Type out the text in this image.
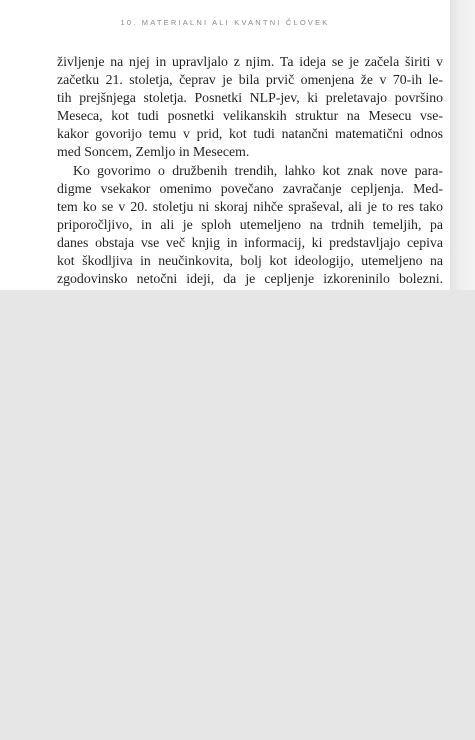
10. MATERIALNI ALI KVANTNI ČLOVEK

življenje na njej in upravljalo z njim. Ta ideja se je začela širiti v
začetku 21. stoletja, čeprav je bila prvič omenjena že v 70-ih le-
tih prejšnjega stoletja. Posnetki NLP-jev, ki preletavajo površino
Meseca, kot tudi posnetki velikanskih struktur na Mesecu vse-
kakor govorijo temu v prid, kot tudi natančni matematični odnos
med Soncem, Zemljo in Mesecem.

Ko govorimo o družbenih trendih, lahko kot znak nove para-
digme vsekakor omenimo povečano zavračanje cepljenja. Med-
tem ko se v 20. stoletju ni skoraj nihče spraševal, ali je to res tako
priporočljivo, in ali je sploh utemeljeno na trdnih temeljih, pa
danes obstaja vse več knjig in informacij, ki predstavljajo cepiva
kot škodljiva in neučinkovita, bolj kot ideologijo, utemeljeno na
zgodovinsko netočni ideji, da je cepljenje izkoreninilo bolezni.
